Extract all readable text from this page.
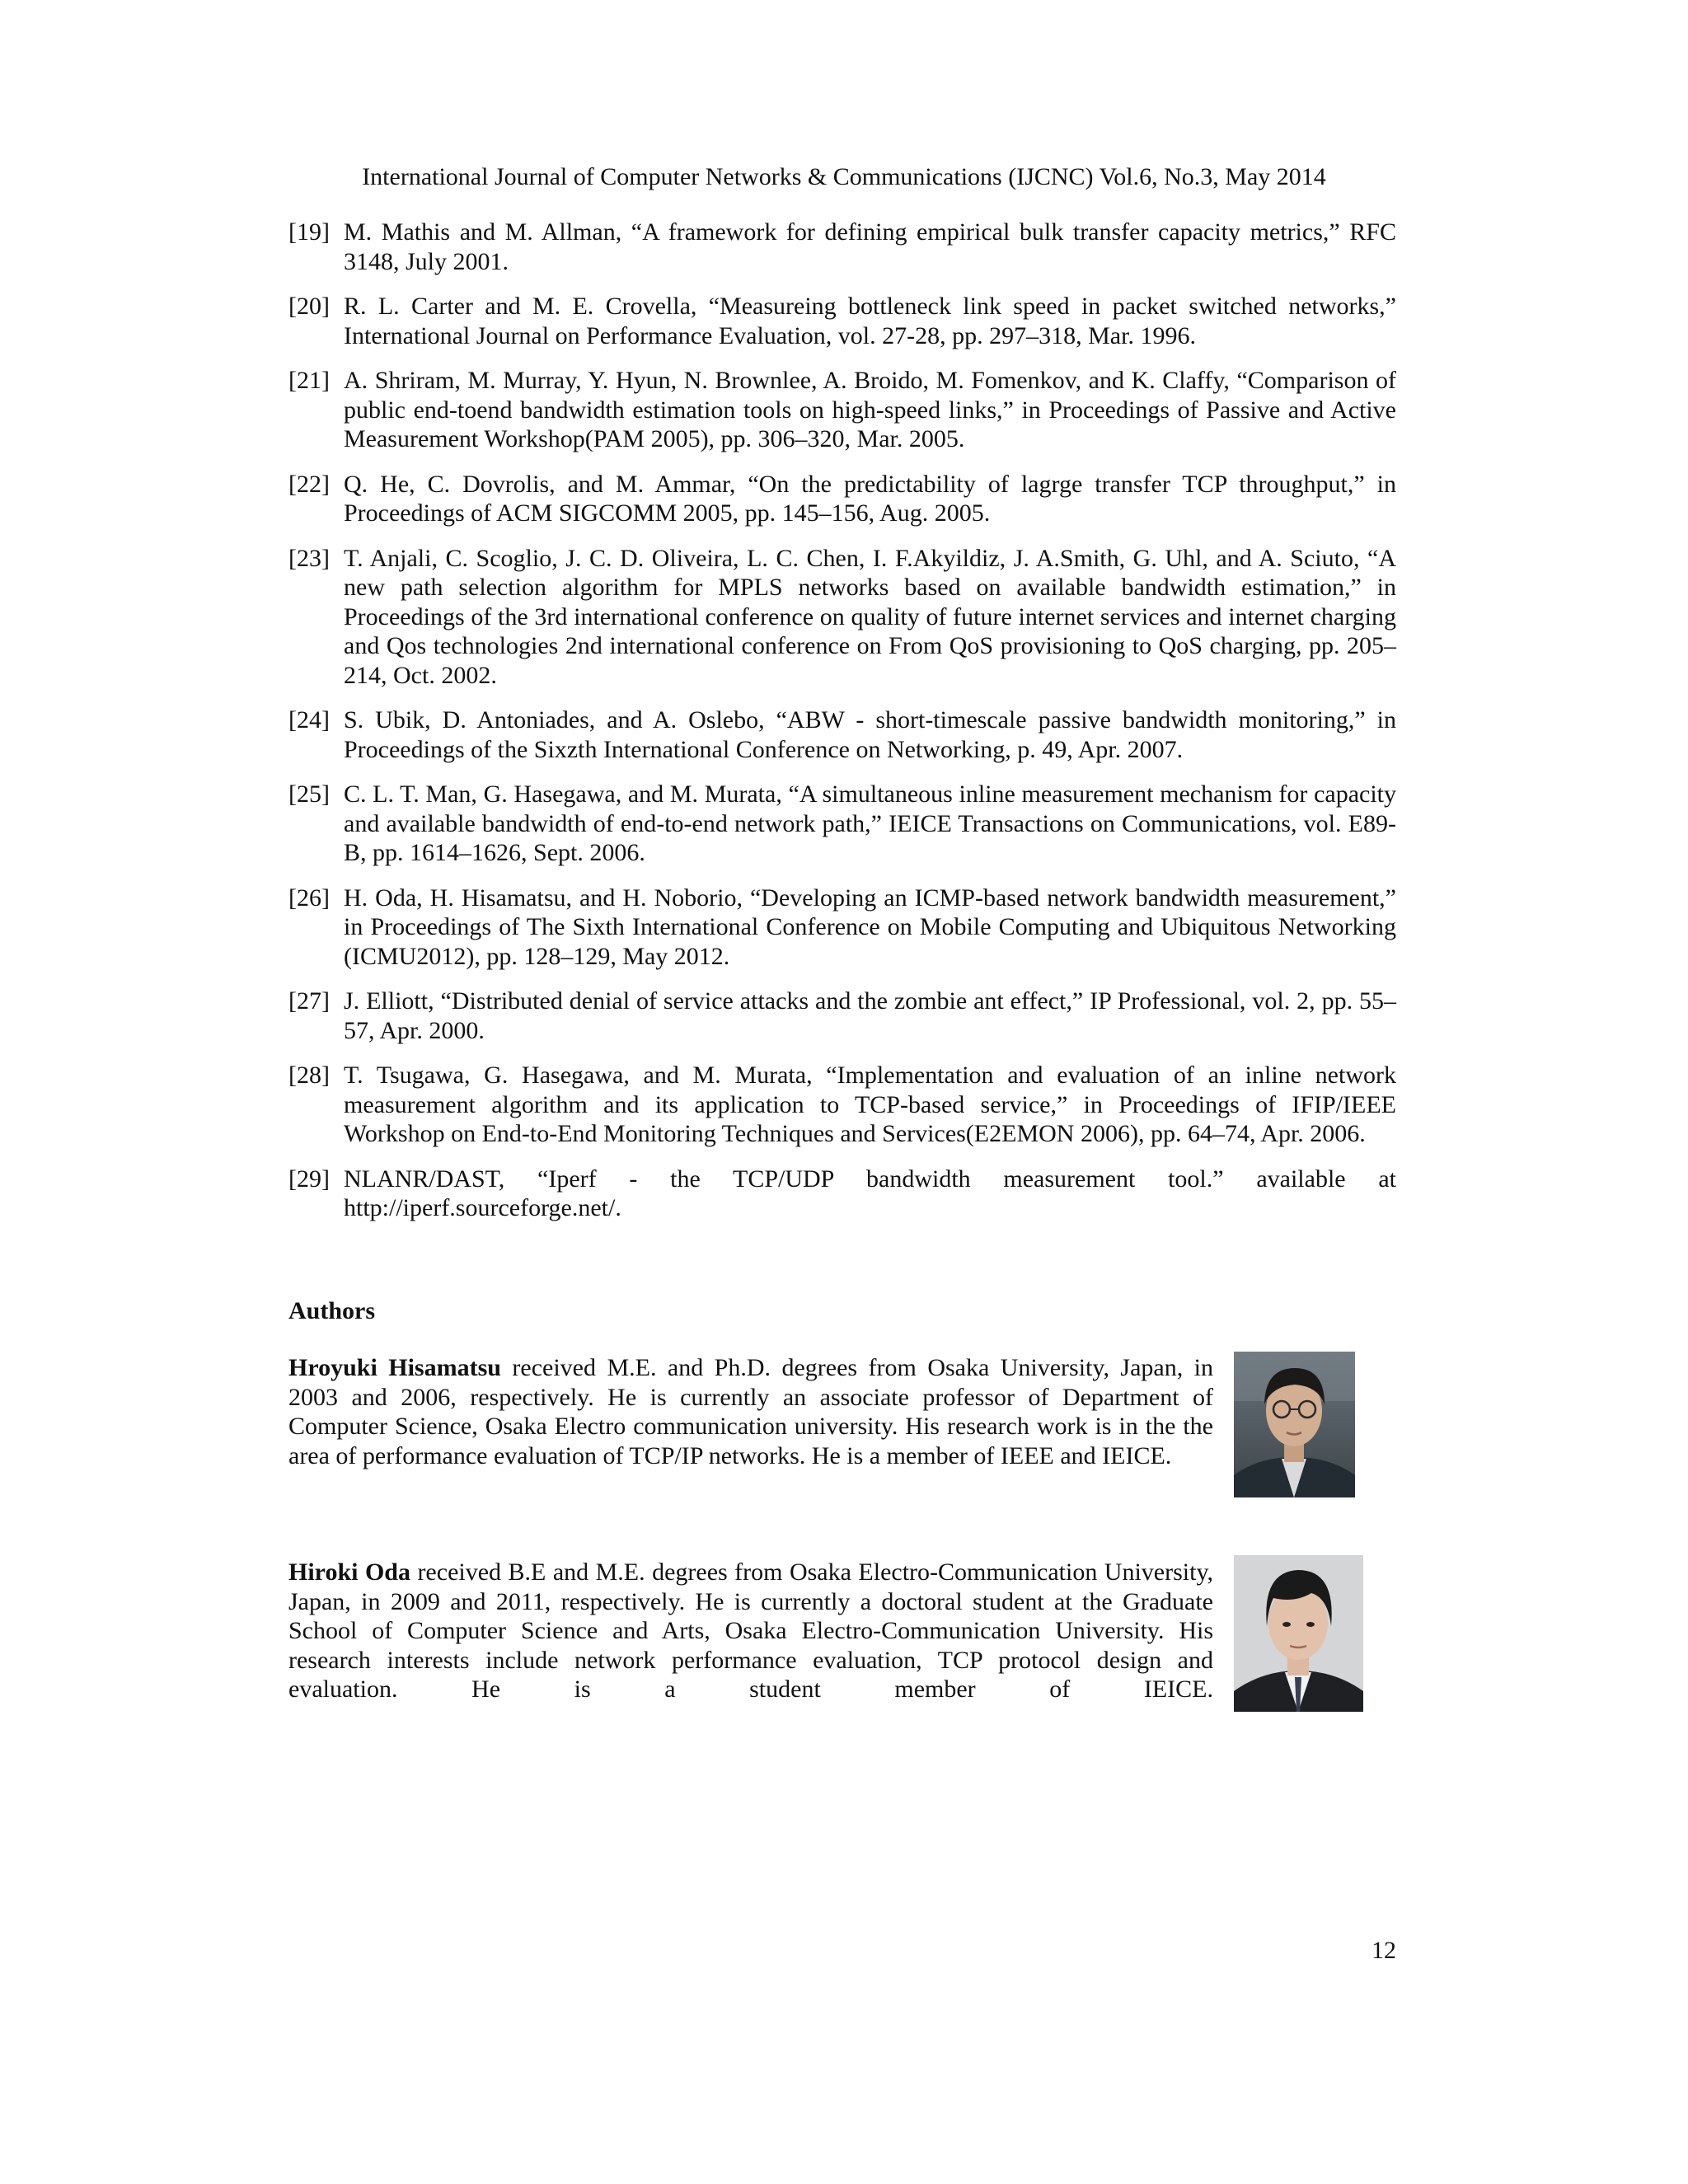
International Journal of Computer Networks & Communications (IJCNC) Vol.6, No.3, May 2014
[19] M. Mathis and M. Allman, “A framework for defining empirical bulk transfer capacity metrics,” RFC 3148, July 2001.
[20] R. L. Carter and M. E. Crovella, “Measureing bottleneck link speed in packet switched networks,” International Journal on Performance Evaluation, vol. 27-28, pp. 297–318, Mar. 1996.
[21] A. Shriram, M. Murray, Y. Hyun, N. Brownlee, A. Broido, M. Fomenkov, and K. Claffy, “Comparison of public end-toend bandwidth estimation tools on high-speed links,” in Proceedings of Passive and Active Measurement Workshop(PAM 2005), pp. 306–320, Mar. 2005.
[22] Q. He, C. Dovrolis, and M. Ammar, “On the predictability of lagrge transfer TCP throughput,” in Proceedings of ACM SIGCOMM 2005, pp. 145–156, Aug. 2005.
[23] T. Anjali, C. Scoglio, J. C. D. Oliveira, L. C. Chen, I. F.Akyildiz, J. A.Smith, G. Uhl, and A. Sciuto, “A new path selection algorithm for MPLS networks based on available bandwidth estimation,” in Proceedings of the 3rd international conference on quality of future internet services and internet charging and Qos technologies 2nd international conference on From QoS provisioning to QoS charging, pp. 205–214, Oct. 2002.
[24] S. Ubik, D. Antoniades, and A. Oslebo, “ABW - short-timescale passive bandwidth monitoring,” in Proceedings of the Sixzth International Conference on Networking, p. 49, Apr. 2007.
[25] C. L. T. Man, G. Hasegawa, and M. Murata, “A simultaneous inline measurement mechanism for capacity and available bandwidth of end-to-end network path,” IEICE Transactions on Communications, vol. E89-B, pp. 1614–1626, Sept. 2006.
[26] H. Oda, H. Hisamatsu, and H. Noborio, “Developing an ICMP-based network bandwidth measurement,” in Proceedings of The Sixth International Conference on Mobile Computing and Ubiquitous Networking (ICMU2012), pp. 128–129, May 2012.
[27] J. Elliott, “Distributed denial of service attacks and the zombie ant effect,” IP Professional, vol. 2, pp. 55–57, Apr. 2000.
[28] T. Tsugawa, G. Hasegawa, and M. Murata, “Implementation and evaluation of an inline network measurement algorithm and its application to TCP-based service,” in Proceedings of IFIP/IEEE Workshop on End-to-End Monitoring Techniques and Services(E2EMON 2006), pp. 64–74, Apr. 2006.
[29] NLANR/DAST, “Iperf - the TCP/UDP bandwidth measurement tool.” available at http://iperf.sourceforge.net/.
Authors
Hroyuki Hisamatsu received M.E. and Ph.D. degrees from Osaka University, Japan, in 2003 and 2006, respectively. He is currently an associate professor of Department of Computer Science, Osaka Electro communication university. His research work is in the the area of performance evaluation of TCP/IP networks. He is a member of IEEE and IEICE.
Hiroki Oda received B.E and M.E. degrees from Osaka Electro-Communication University, Japan, in 2009 and 2011, respectively. He is currently a doctoral student at the Graduate School of Computer Science and Arts, Osaka Electro-Communication University. His research interests include network performance evaluation, TCP protocol design and evaluation. He is a student member of IEICE.
12
